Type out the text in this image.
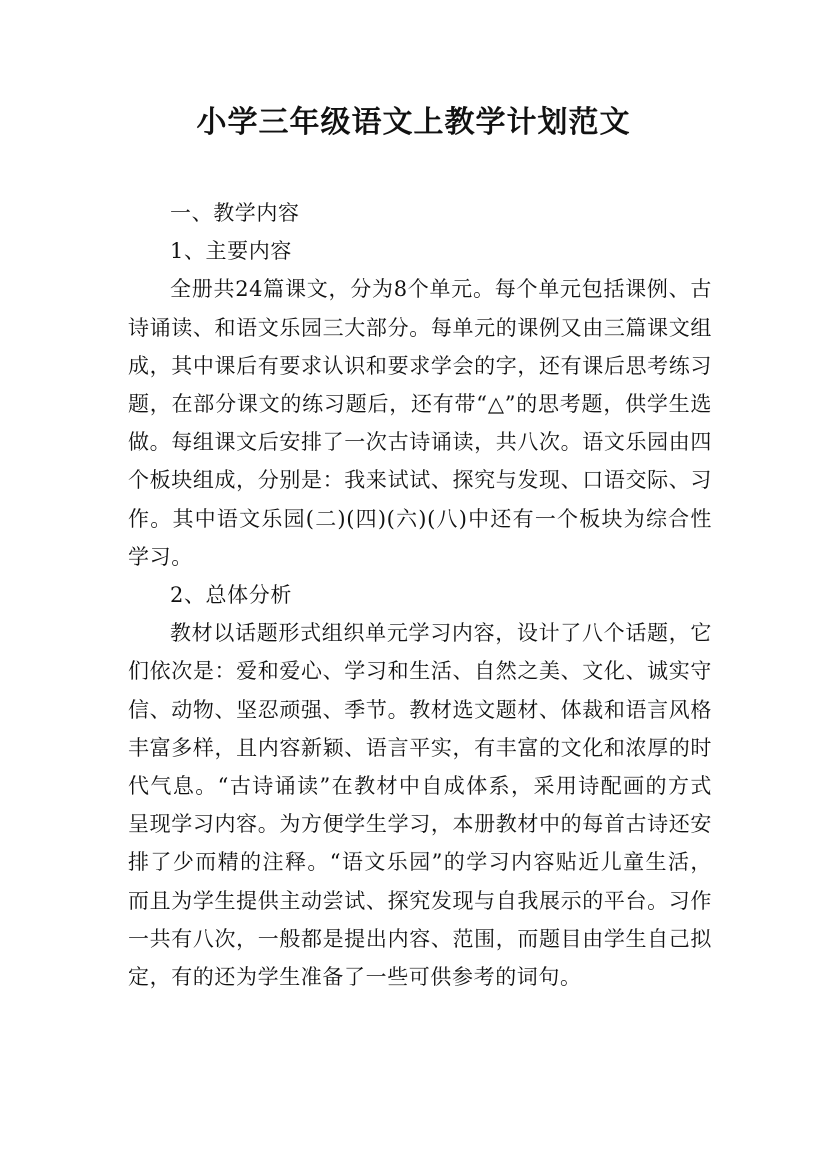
小学三年级语文上教学计划范文

一、教学内容

1、主要内容

全册共24篇课文，分为8个单元。每个单元包括课例、古诗诵读、和语文乐园三大部分。每单元的课例又由三篇课文组成，其中课后有要求认识和要求学会的字，还有课后思考练习题，在部分课文的练习题后，还有带“△”的思考题，供学生选做。每组课文后安排了一次古诗诵读，共八次。语文乐园由四个板块组成，分别是：我来试试、探究与发现、口语交际、习作。其中语文乐园(二)(四)(六)(八)中还有一个板块为综合性学习。

2、总体分析

教材以话题形式组织单元学习内容，设计了八个话题，它们依次是：爱和爱心、学习和生活、自然之美、文化、诚实守信、动物、坚忍顽强、季节。教材选文题材、体裁和语言风格丰富多样，且内容新颖、语言平实，有丰富的文化和浓厚的时代气息。“古诗诵读”在教材中自成体系，采用诗配画的方式呈现学习内容。为方便学生学习，本册教材中的每首古诗还安排了少而精的注释。“语文乐园”的学习内容贴近儿童生活，而且为学生提供主动尝试、探究发现与自我展示的平台。习作一共有八次，一般都是提出内容、范围，而题目由学生自己拟定，有的还为学生准备了一些可供参考的词句。
